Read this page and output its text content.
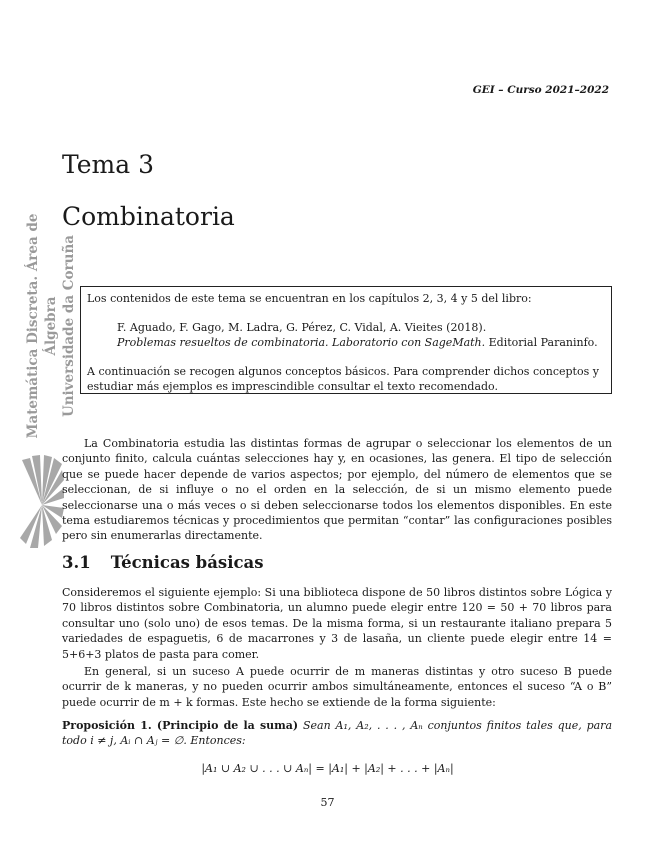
GEI – Curso 2021–2022
Matemática Discreta. Área de Álgebra Universidade da Coruña
Tema 3
Combinatoria
Los contenidos de este tema se encuentran en los capítulos 2, 3, 4 y 5 del libro:
F. Aguado, F. Gago, M. Ladra, G. Pérez, C. Vidal, A. Vieites (2018).
Problemas resueltos de combinatoria. Laboratorio con SageMath. Editorial Paraninfo.
A continuación se recogen algunos conceptos básicos. Para comprender dichos conceptos y estudiar más ejemplos es imprescindible consultar el texto recomendado.
La Combinatoria estudia las distintas formas de agrupar o seleccionar los elementos de un conjunto finito, calcula cuántas selecciones hay y, en ocasiones, las genera. El tipo de selección que se puede hacer depende de varios aspectos; por ejemplo, del número de elementos que se seleccionan, de si influye o no el orden en la selección, de si un mismo elemento puede seleccionarse una o más veces o si deben seleccionarse todos los elementos disponibles. En este tema estudiaremos técnicas y procedimientos que permitan “contar” las configuraciones posibles pero sin enumerarlas directamente.
3.1 Técnicas básicas
Consideremos el siguiente ejemplo: Si una biblioteca dispone de 50 libros distintos sobre Lógica y 70 libros distintos sobre Combinatoria, un alumno puede elegir entre 120 = 50 + 70 libros para consultar uno (solo uno) de esos temas. De la misma forma, si un restaurante italiano prepara 5 variedades de espaguetis, 6 de macarrones y 3 de lasaña, un cliente puede elegir entre 14 = 5+6+3 platos de pasta para comer.
En general, si un suceso A puede ocurrir de m maneras distintas y otro suceso B puede ocurrir de k maneras, y no pueden ocurrir ambos simultáneamente, entonces el suceso “A o B” puede ocurrir de m + k formas. Este hecho se extiende de la forma siguiente:
Proposición 1. (Principio de la suma) Sean A₁, A₂, . . . , Aₙ conjuntos finitos tales que, para todo i ≠ j, Aᵢ ∩ Aⱼ = ∅. Entonces:
|A₁ ∪ A₂ ∪ . . . ∪ Aₙ| = |A₁| + |A₂| + . . . + |Aₙ|
57
